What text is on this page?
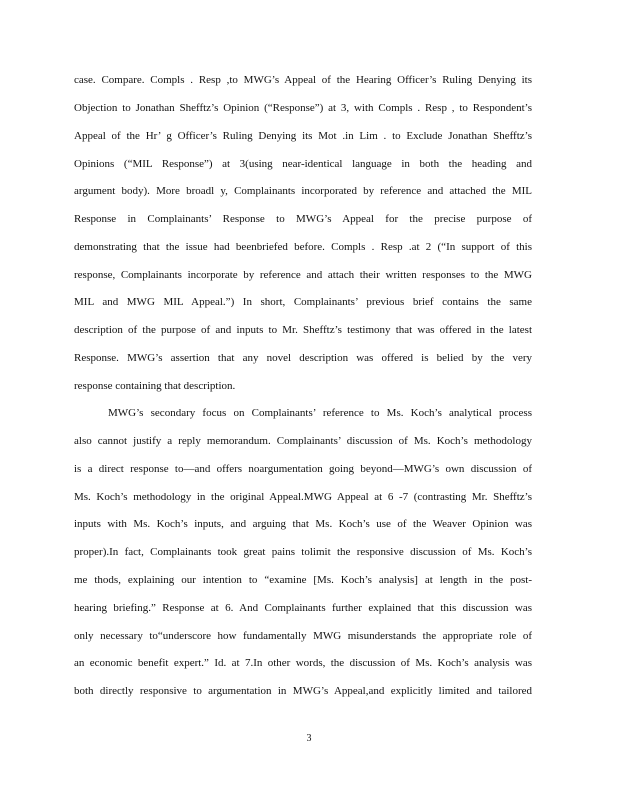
case. Compare. Compls . Resp ,to MWG’s Appeal of the Hearing Officer’s Ruling Denying its
Objection to Jonathan Shefftz’s Opinion (“Response”) at 3, with Compls . Resp , to Respondent’s
Appeal of the Hr’ g Officer’s Ruling Denying its Mot .in Lim . to Exclude Jonathan Shefftz’s
Opinions (“MIL Response”) at 3(using near-identical language in both the heading and
argument body). More broadl y, Complainants incorporated by reference and attached the MIL
Response in Complainants’ Response to MWG’s Appeal for the precise purpose of
demonstrating that the issue had beenbriefed before. Compls . Resp .at 2 (“In support of this
response, Complainants incorporate by reference and attach their written responses to the MWG
MIL and MWG MIL Appeal.”) In short, Complainants’ previous brief contains the same
description of the purpose of and inputs to Mr. Shefftz’s testimony that was offered in the latest
Response. MWG’s assertion that any novel description was offered is belied by the very
response containing that description.
MWG’s secondary focus on Complainants’ reference to Ms. Koch’s analytical process
also cannot justify a reply memorandum. Complainants’ discussion of Ms. Koch’s methodology
is a direct response to—and offers noargumentation going beyond—MWG’s own discussion of
Ms. Koch’s methodology in the original Appeal.MWG Appeal at 6 -7 (contrasting Mr. Shefftz’s
inputs with Ms. Koch’s inputs, and arguing that Ms. Koch’s use of the Weaver Opinion was
proper).In fact, Complainants took great pains tolimit the responsive discussion of Ms. Koch’s
me thods, explaining our intention to “examine [Ms. Koch’s analysis] at length in the post-
hearing briefing.” Response at 6. And Complainants further explained that this discussion was
only necessary to“underscore how fundamentally MWG misunderstands the appropriate role of
an economic benefit expert.” Id. at 7.In other words, the discussion of Ms. Koch’s analysis was
both directly responsive to argumentation in MWG’s Appeal,and explicitly limited and tailored
3
